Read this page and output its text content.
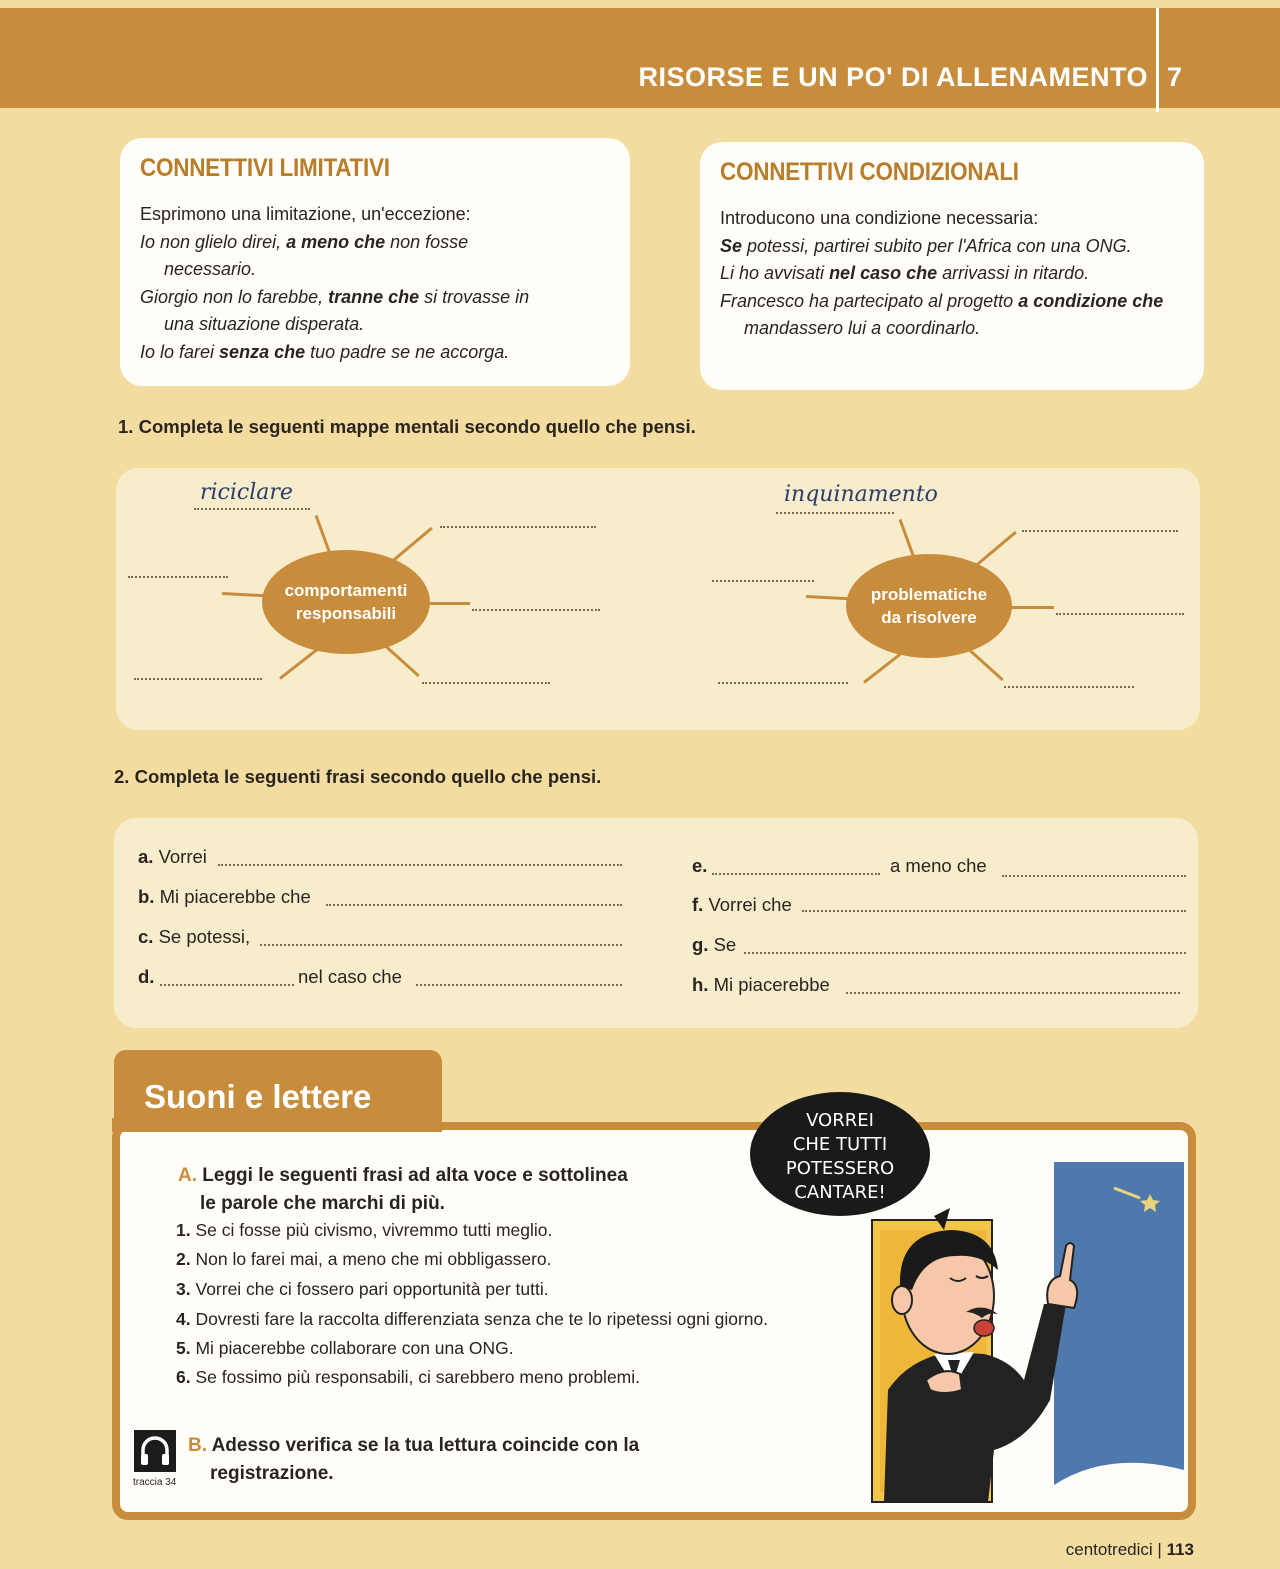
RISORSE E UN PO' DI ALLENAMENTO 7
CONNETTIVI LIMITATIVI
Esprimono una limitazione, un'eccezione:
Io non glielo direi, a meno che non fosse
necessario.
Giorgio non lo farebbe, tranne che si trovasse in
una situazione disperata.
Io lo farei senza che tuo padre se ne accorga.
CONNETTIVI CONDIZIONALI
Introducono una condizione necessaria:
Se potessi, partirei subito per l'Africa con una ONG.
Li ho avvisati nel caso che arrivassi in ritardo.
Francesco ha partecipato al progetto a condizione che
mandassero lui a coordinarlo.
1. Completa le seguenti mappe mentali secondo quello che pensi.
riciclare
comportamenti
responsabili
inquinamento
problematiche
da risolvere
2. Completa le seguenti frasi secondo quello che pensi.
a. Vorrei
b. Mi piacerebbe che
c. Se potessi,
d.	nel caso che
e.	a meno che
f. Vorrei che
g. Se
h. Mi piacerebbe
Suoni e lettere
A. Leggi le seguenti frasi ad alta voce e sottolinea
le parole che marchi di più.
1. Se ci fosse più civismo, vivremmo tutti meglio.
2. Non lo farei mai, a meno che mi obbligassero.
3. Vorrei che ci fossero pari opportunità per tutti.
4. Dovresti fare la raccolta differenziata senza che te lo ripetessi ogni giorno.
5. Mi piacerebbe collaborare con una ONG.
6. Se fossimo più responsabili, ci sarebbero meno problemi.
traccia 34
B. Adesso verifica se la tua lettura coincide con la
registrazione.
VORREI
CHE TUTTI
POTESSERO
CANTARE!
centotredici | 113
